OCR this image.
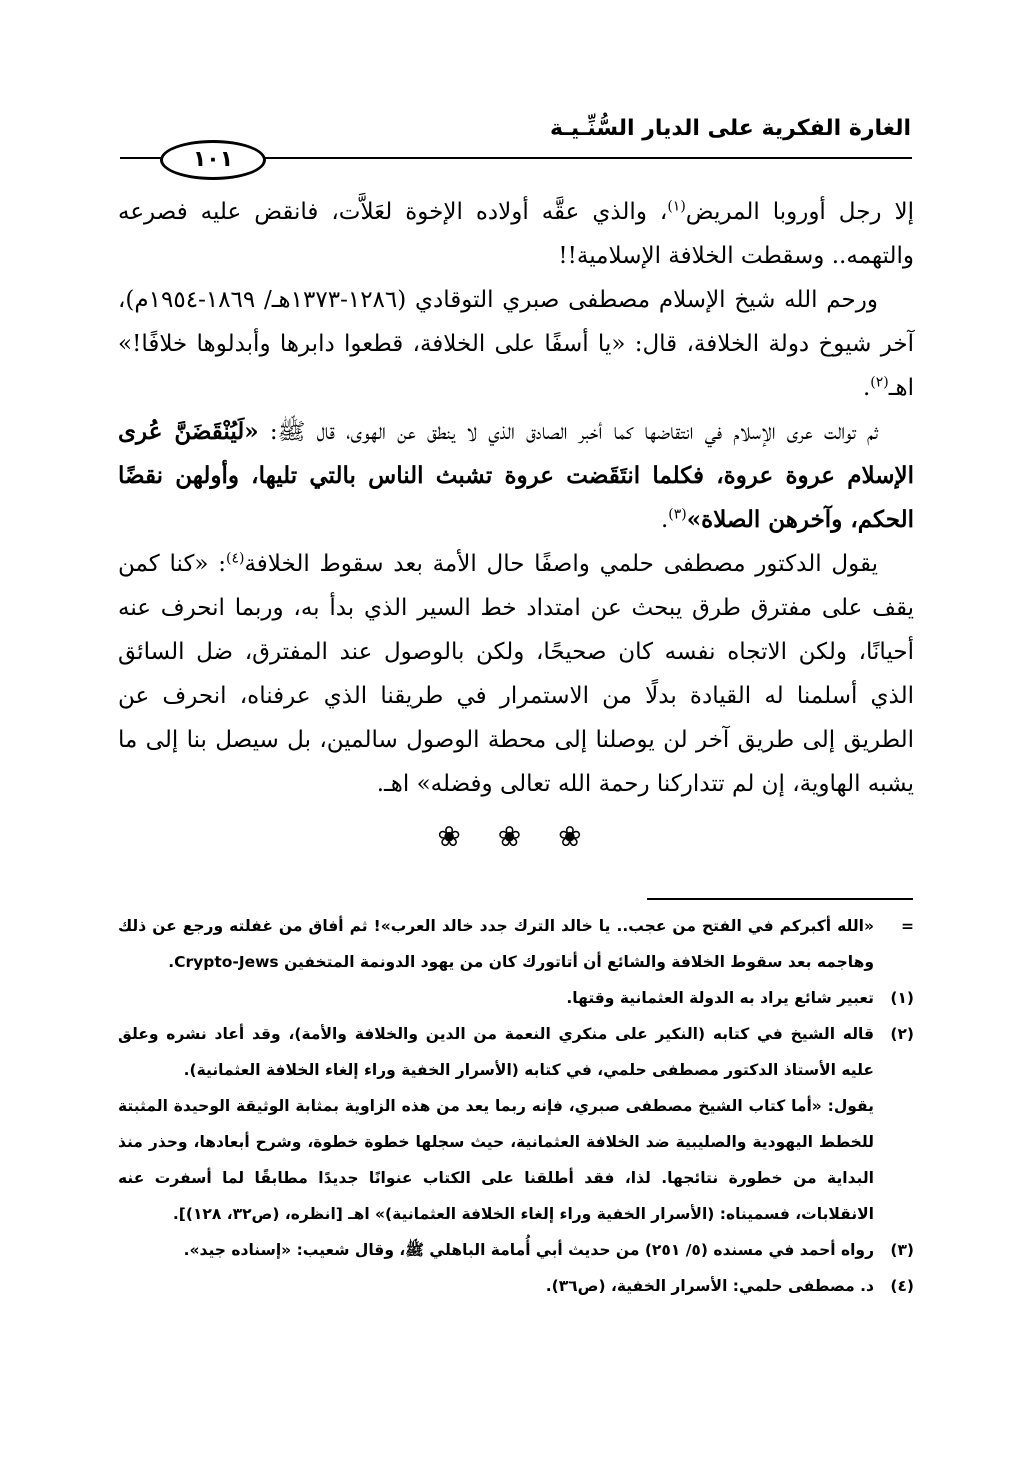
الغارة الفكرية على الديار السُّنِّـيـة
١٠١

إلا رجل أوروبا المريض$^{(١)}$، والذي عقَّه أولاده الإخوة لعَلاَّت، فانقض عليه فصرعه والتهمه.. وسقطت الخلافة الإسلامية!!

ورحم الله شيخ الإسلام مصطفى صبري التوقادي (١٢٨٦-١٣٧٣هـ/ ١٨٦٩-١٩٥٤م)، آخر شيوخ دولة الخلافة، قال: «يا أسفًا على الخلافة، قطعوا دابرها وأبدلوها خلافًا!» اهـ$^{(٢)}$.

ثم توالت عرى الإسلام في انتقاضها كما أخبر الصادق الذي لا ينطق عن الهوى، قال ﷺ: «لَيُنْقَضَنَّ عُرى الإسلام عروة عروة، فكلما انتَقَضت عروة تشبث الناس بالتي تليها، وأولهن نقضًا الحكم، وآخرهن الصلاة»$^{(٣)}$.

يقول الدكتور مصطفى حلمي واصفًا حال الأمة بعد سقوط الخلافة$^{(٤)}$: «كنا كمن يقف على مفترق طرق يبحث عن امتداد خط السير الذي بدأ به، وربما انحرف عنه أحيانًا، ولكن الاتجاه نفسه كان صحيحًا، ولكن بالوصول عند المفترق، ضل السائق الذي أسلمنا له القيادة بدلًا من الاستمرار في طريقنا الذي عرفناه، انحرف عن الطريق إلى طريق آخر لن يوصلنا إلى محطة الوصول سالمين، بل سيصل بنا إلى ما يشبه الهاوية، إن لم تتداركنا رحمة الله تعالى وفضله» اهـ.

❀ ❀ ❀
=
«الله أكبركم في الفتح من عجب.. يا خالد الترك جدد خالد العرب»! ثم أفاق من غفلته ورجع عن ذلك وهاجمه بعد سقوط الخلافة والشائع أن أتاتورك كان من يهود الدونمة المتخفين Crypto-Jews.
(١)
تعبير شائع يراد به الدولة العثمانية وقتها.
(٢)
قاله الشيخ في كتابه (النكير على منكري النعمة من الدين والخلافة والأمة)، وقد أعاد نشره وعلق عليه الأستاذ الدكتور مصطفى حلمي، في كتابه (الأسرار الخفية وراء إلغاء الخلافة العثمانية).

يقول: «أما كتاب الشيخ مصطفى صبري، فإنه ربما يعد من هذه الزاوية بمثابة الوثيقة الوحيدة المثبتة للخطط اليهودية والصليبية ضد الخلافة العثمانية، حيث سجلها خطوة خطوة، وشرح أبعادها، وحذر منذ البداية من خطورة نتائجها. لذا، فقد أطلقنا على الكتاب عنوانًا جديدًا مطابقًا لما أسفرت عنه الانقلابات، فسميناه: (الأسرار الخفية وراء إلغاء الخلافة العثمانية)» اهـ [انظره، (ص٣٢، ١٢٨)].

(٣)
رواه أحمد في مسنده (٥/ ٢٥١) من حديث أبي أُمامة الباهلي ﷺ، وقال شعيب: «إسناده جيد».
(٤)
د. مصطفى حلمي: الأسرار الخفية، (ص٣٦).
